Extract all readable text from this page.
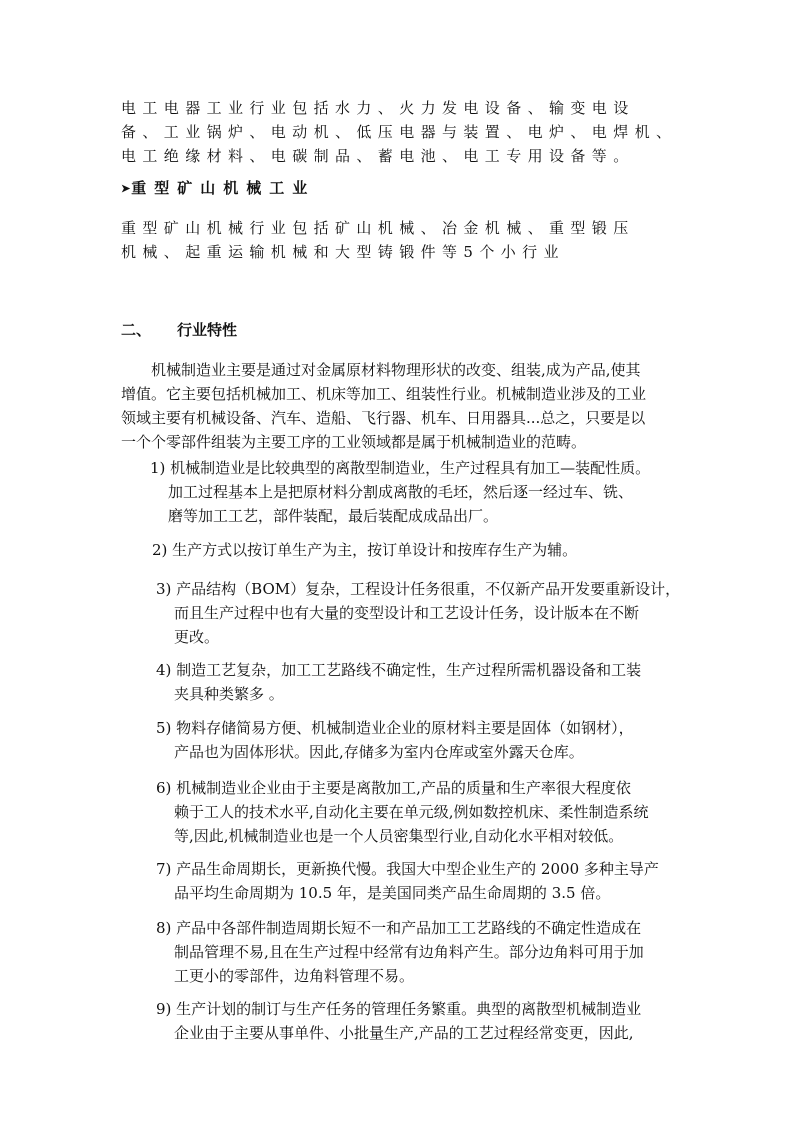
电工电器工业行业包括水力、火力发电设备、输变电设
备、工业锅炉、电动机、低压电器与装置、电炉、电焊机、
电工绝缘材料、电碳制品、蓄电池、电工专用设备等。

➤重型矿山机械工业

重型矿山机械行业包括矿山机械、冶金机械、重型锻压
机械、起重运输机械和大型铸锻件等5个小行业

二、 行业特性

机械制造业主要是通过对金属原材料物理形状的改变、组装,成为产品,使其
增值。它主要包括机械加工、机床等加工、组装性行业。机械制造业涉及的工业
领域主要有机械设备、汽车、造船、飞行器、机车、日用器具...总之，只要是以
一个个零部件组装为主要工序的工业领域都是属于机械制造业的范畴。

1) 机械制造业是比较典型的离散型制造业，生产过程具有加工—装配性质。
加工过程基本上是把原材料分割成离散的毛坯，然后逐一经过车、铣、
磨等加工工艺，部件装配，最后装配成成品出厂。
2) 生产方式以按订单生产为主，按订单设计和按库存生产为辅。
3) 产品结构（BOM）复杂，工程设计任务很重，不仅新产品开发要重新设计，
而且生产过程中也有大量的变型设计和工艺设计任务，设计版本在不断
更改。
4) 制造工艺复杂，加工工艺路线不确定性，生产过程所需机器设备和工装
夹具种类繁多 。
5) 物料存储简易方便、机械制造业企业的原材料主要是固体（如钢材），
产品也为固体形状。因此,存储多为室内仓库或室外露天仓库。
6) 机械制造业企业由于主要是离散加工,产品的质量和生产率很大程度依
赖于工人的技术水平,自动化主要在单元级,例如数控机床、柔性制造系统
等,因此,机械制造业也是一个人员密集型行业,自动化水平相对较低。
7) 产品生命周期长，更新换代慢。我国大中型企业生产的 2000 多种主导产
品平均生命周期为 10.5 年，是美国同类产品生命周期的 3.5 倍。
8) 产品中各部件制造周期长短不一和产品加工工艺路线的不确定性造成在
制品管理不易,且在生产过程中经常有边角料产生。部分边角料可用于加
工更小的零部件，边角料管理不易。
9) 生产计划的制订与生产任务的管理任务繁重。典型的离散型机械制造业
企业由于主要从事单件、小批量生产,产品的工艺过程经常变更，因此,
